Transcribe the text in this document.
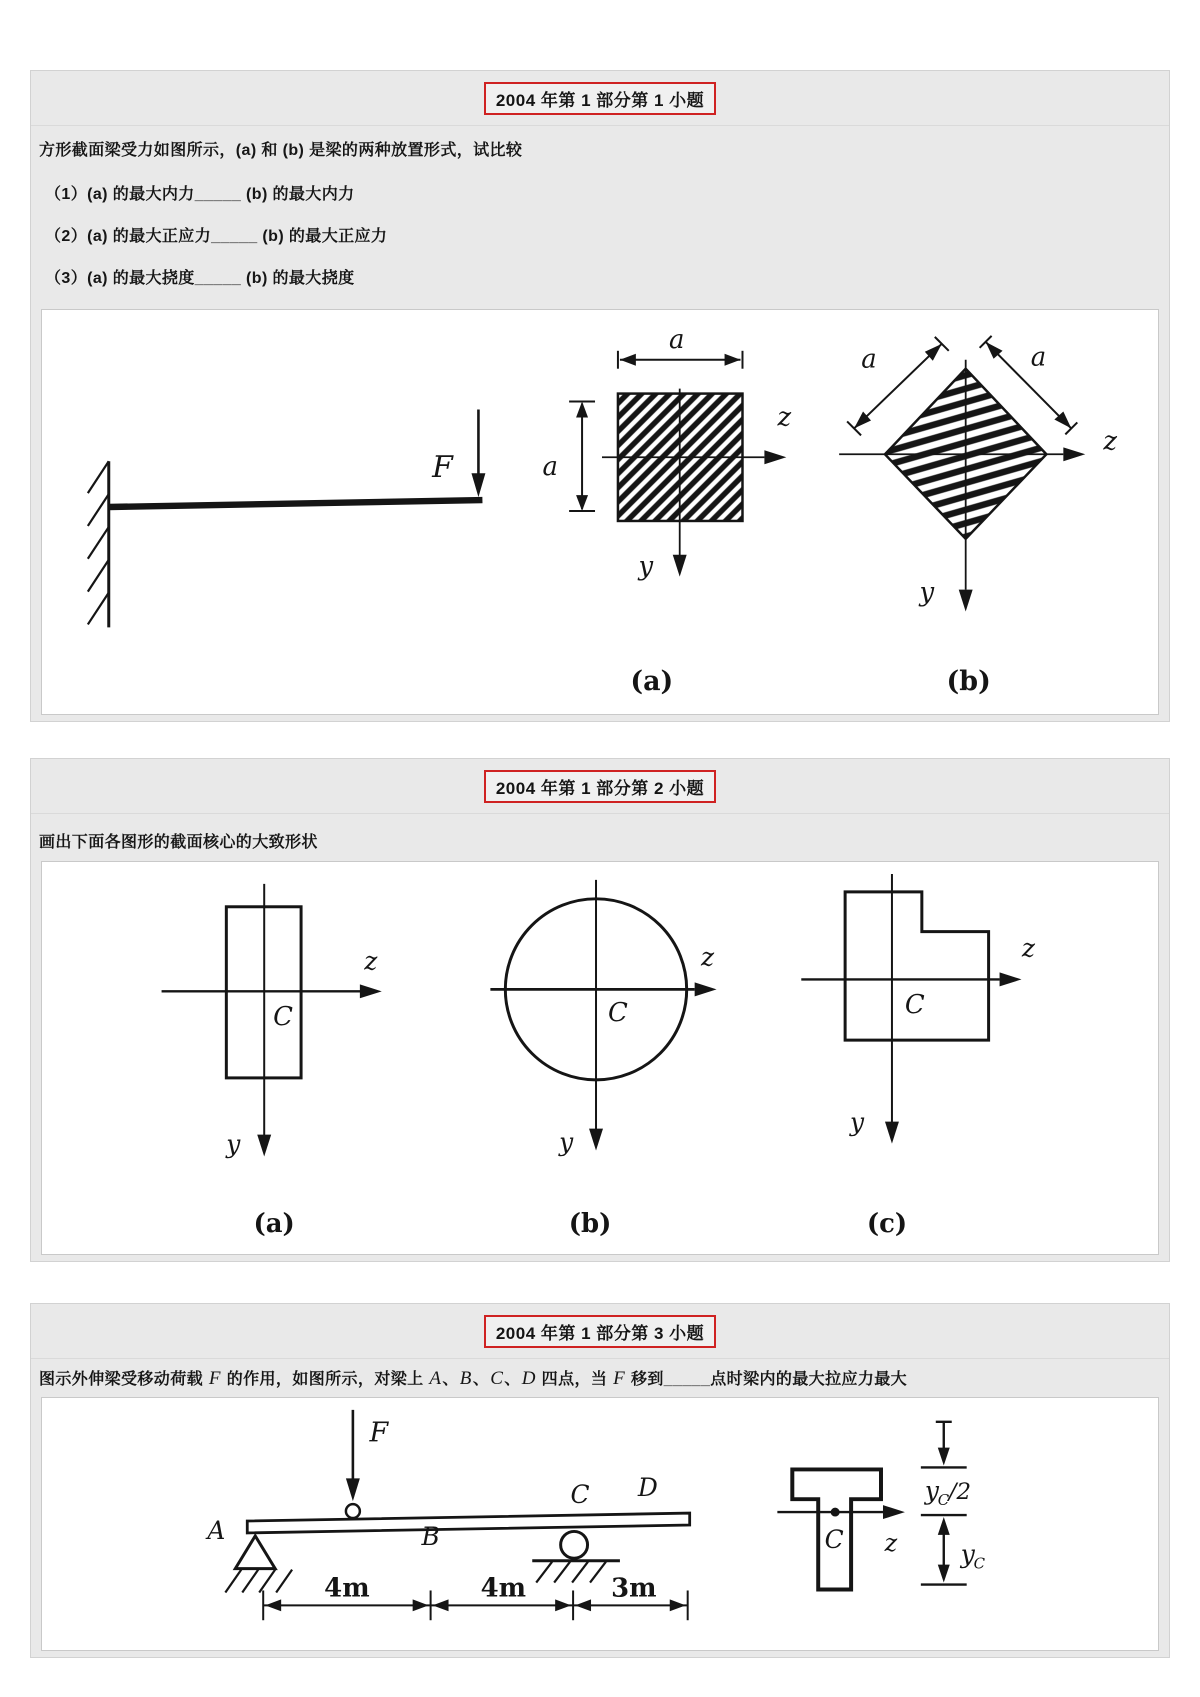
2004 年第 1 部分第 1 小题
方形截面梁受力如图所示，(a) 和 (b) 是梁的两种放置形式，试比较
（1）(a) 的最大内力_____ (b) 的最大内力
（2）(a) 的最大正应力_____ (b) 的最大正应力
（3）(a) 的最大挠度_____ (b) 的最大挠度
F
a
a
z
y
(a)
a	a
z
y
(b)
2004 年第 1 部分第 2 小题
画出下面各图形的截面核心的大致形状
z
C
y
(a)
z
C
y
(b)
z
C
y
(c)
2004 年第 1 部分第 3 小题
图示外伸梁受移动荷载 F 的作用，如图所示，对梁上 A、B、C、D 四点，当 F 移到_____点时梁内的最大拉应力最大
F
A	B
C D
4m	4m	3m
C z
y
C /2
y
C
